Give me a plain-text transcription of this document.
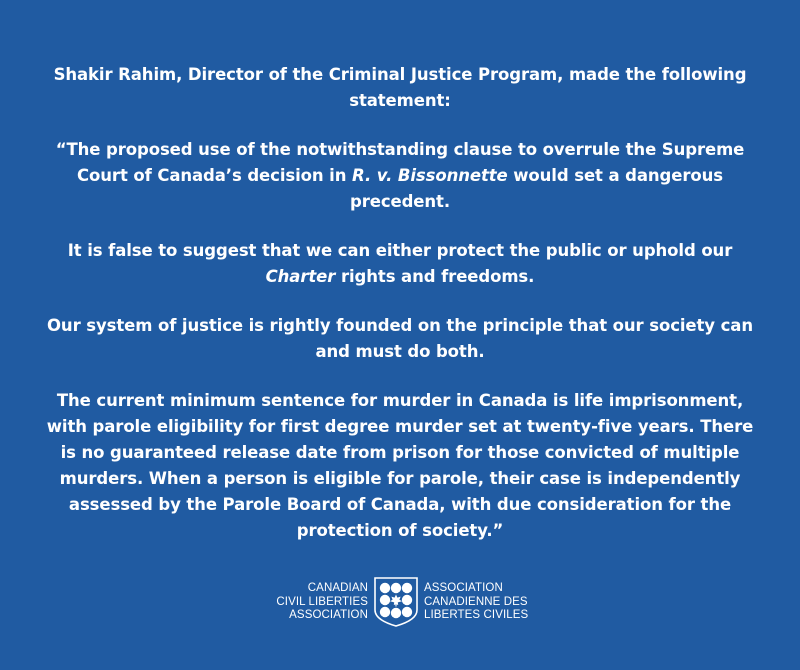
Shakir Rahim, Director of the Criminal Justice Program, made the following statement:

“The proposed use of the notwithstanding clause to overrule the Supreme Court of Canada’s decision in R. v. Bissonnette would set a dangerous precedent.

It is false to suggest that we can either protect the public or uphold our Charter rights and freedoms.

Our system of justice is rightly founded on the principle that our society can and must do both.

The current minimum sentence for murder in Canada is life imprisonment, with parole eligibility for first degree murder set at twenty-five years. There is no guaranteed release date from prison for those convicted of multiple murders. When a person is eligible for parole, their case is independently assessed by the Parole Board of Canada, with due consideration for the protection of society.”

CANADIAN
CIVIL LIBERTIES
ASSOCIATION
ASSOCIATION
CANADIENNE DES
LIBERTES CIVILES
